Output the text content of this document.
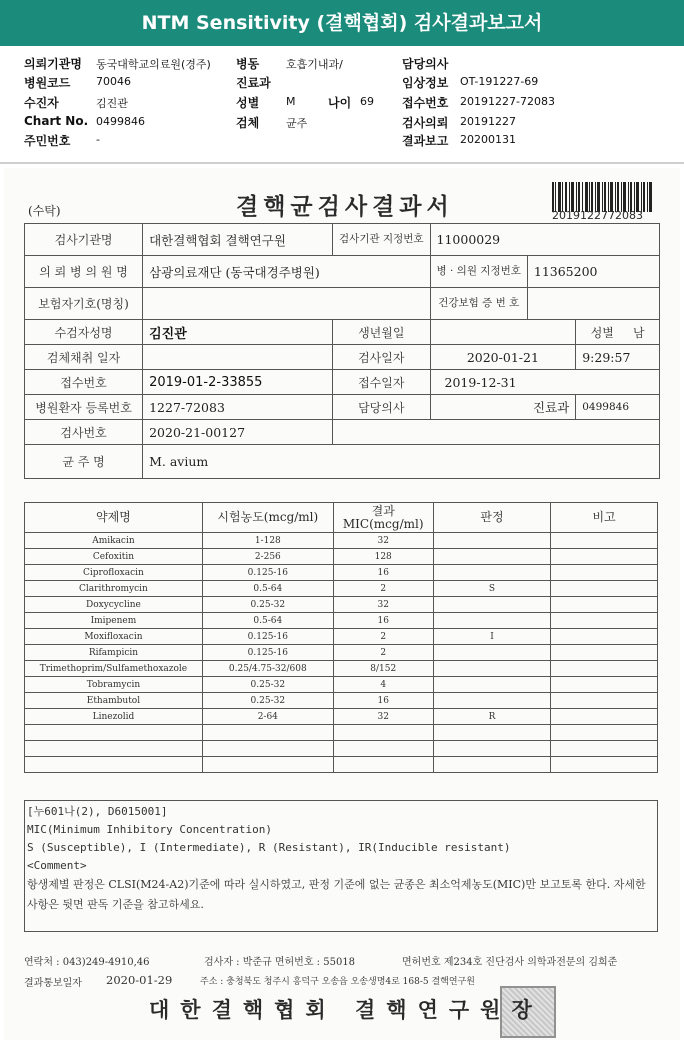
NTM Sensitivity (결핵협회) 검사결과보고서
의뢰기관명 동국대학교의료원(경주)
병원코드 70046
수진자	김진관
Chart No. 0499846
주민번호 -
병동 호흡기내과/
진료과
성별 M	나이 69
검체 균주
담당의사
임상정보 OT-191227-69
접수번호 20191227-72083
검사의뢰 20191227
결과보고 20200131
(수탁)	결핵균검사결과서	2019122772083
검사기관명	대한결핵협회 결핵연구원	검사기관 지정번호	11000029		
의 뢰 병 의 원 명	삼광의료재단 (동국대경주병원)		병 · 의원 지정번호	11365200	
보험자기호(명칭)			건강보험 증 번 호		
수검자성명	김진관	생년월일			성별 남
검체채취 일자		검사일자	2020-01-21		9:29:57
접수번호	2019-01-2-33855	접수일자	2019-12-31		
병원환자 등록번호	1227-72083	담당의사	진료과		0499846
검사번호	2020-21-00127				
균 주 명	M. avium				
약제명	시험농도(mcg/ml)	결과 MIC(mcg/ml)	판정	비고
Amikacin	1-128	32		
Cefoxitin	2-256	128		
Ciprofloxacin	0.125-16	16		
Clarithromycin	0.5-64	2	S	
Doxycycline	0.25-32	32		
Imipenem	0.5-64	16		
Moxifloxacin	0.125-16	2	I	
Rifampicin	0.125-16	2		
Trimethoprim/Sulfamethoxazole	0.25/4.75-32/608	8/152		
Tobramycin	0.25-32	4		
Ethambutol	0.25-32	16		
Linezolid	2-64	32	R	

[누601나(2), D6015001]
MIC(Minimum Inhibitory Concentration)
S (Susceptible), I (Intermediate), R (Resistant), IR(Inducible resistant)
<Comment>
항생제별 판정은 CLSI(M24-A2)기준에 따라 실시하였고, 판정 기준에 없는 균종은 최소억제농도(MIC)만 보고토록 한다. 자세한 사항은 뒷면 판독 기준을 참고하세요.
연락처 : 043)249-4910,46	검사자 : 박준규 면허번호 : 55018	면허번호 제234호 진단검사 의학과전문의 김희준
결과통보일자 2020-01-29	주소 : 충청북도 청주시 흥덕구 오송읍 오송생명4로 168-5 결핵연구원
대한결핵협회 결핵연구원장
